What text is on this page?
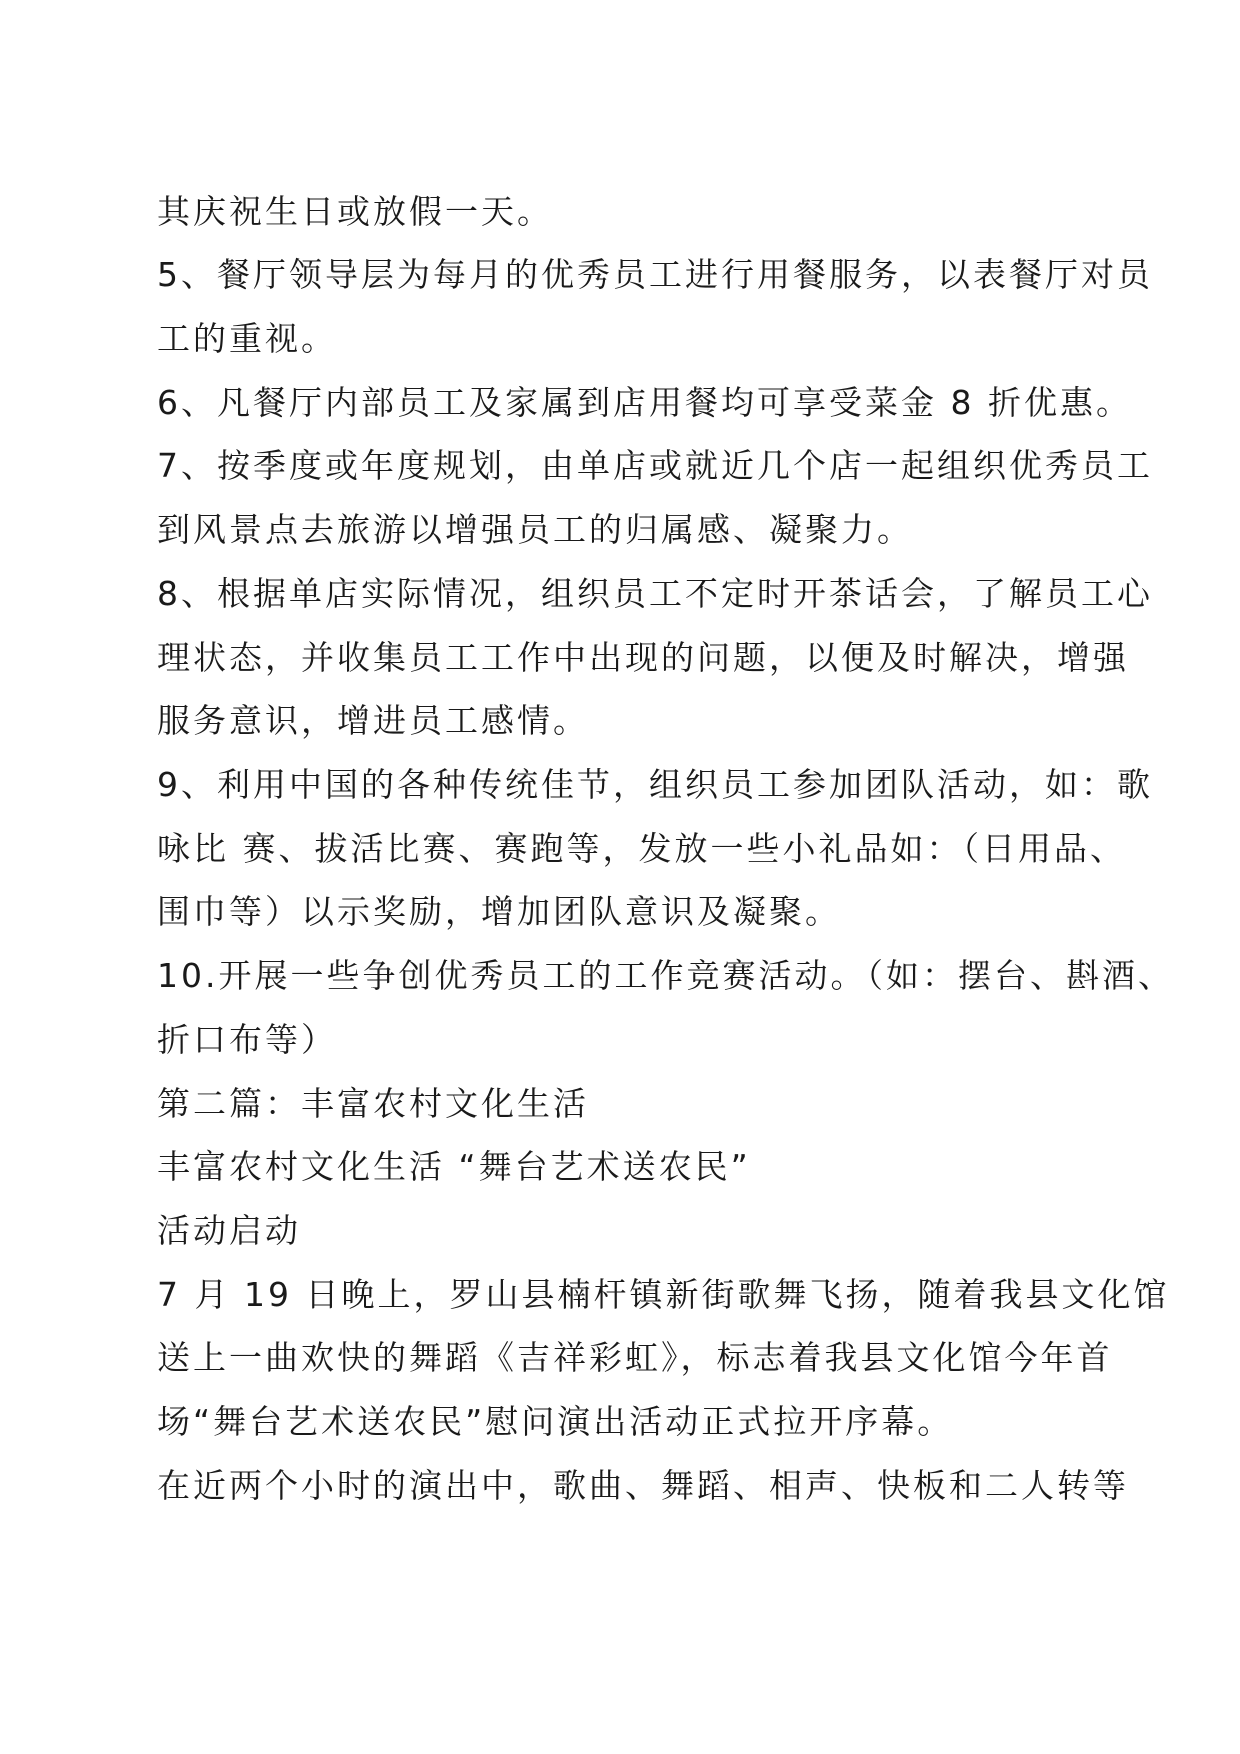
其庆祝生日或放假一天。

5、餐厅领导层为每月的优秀员工进行用餐服务，以表餐厅对员

工的重视。

6、凡餐厅内部员工及家属到店用餐均可享受菜金 8 折优惠。

7、按季度或年度规划，由单店或就近几个店一起组织优秀员工

到风景点去旅游以增强员工的归属感、凝聚力。

8、根据单店实际情况，组织员工不定时开茶话会，了解员工心

理状态，并收集员工工作中出现的问题，以便及时解决，增强

服务意识，增进员工感情。

9、利用中国的各种传统佳节，组织员工参加团队活动，如：歌

咏比 赛、拔活比赛、赛跑等，发放一些小礼品如：（日用品、

围巾等）以示奖励，增加团队意识及凝聚。

10.开展一些争创优秀员工的工作竞赛活动。（如：摆台、斟酒、

折口布等）

第二篇：丰富农村文化生活

丰富农村文化生活 “舞台艺术送农民”

活动启动

7 月 19 日晚上，罗山县楠杆镇新街歌舞飞扬，随着我县文化馆

送上一曲欢快的舞蹈《吉祥彩虹》，标志着我县文化馆今年首

场“舞台艺术送农民”慰问演出活动正式拉开序幕。

在近两个小时的演出中，歌曲、舞蹈、相声、快板和二人转等
